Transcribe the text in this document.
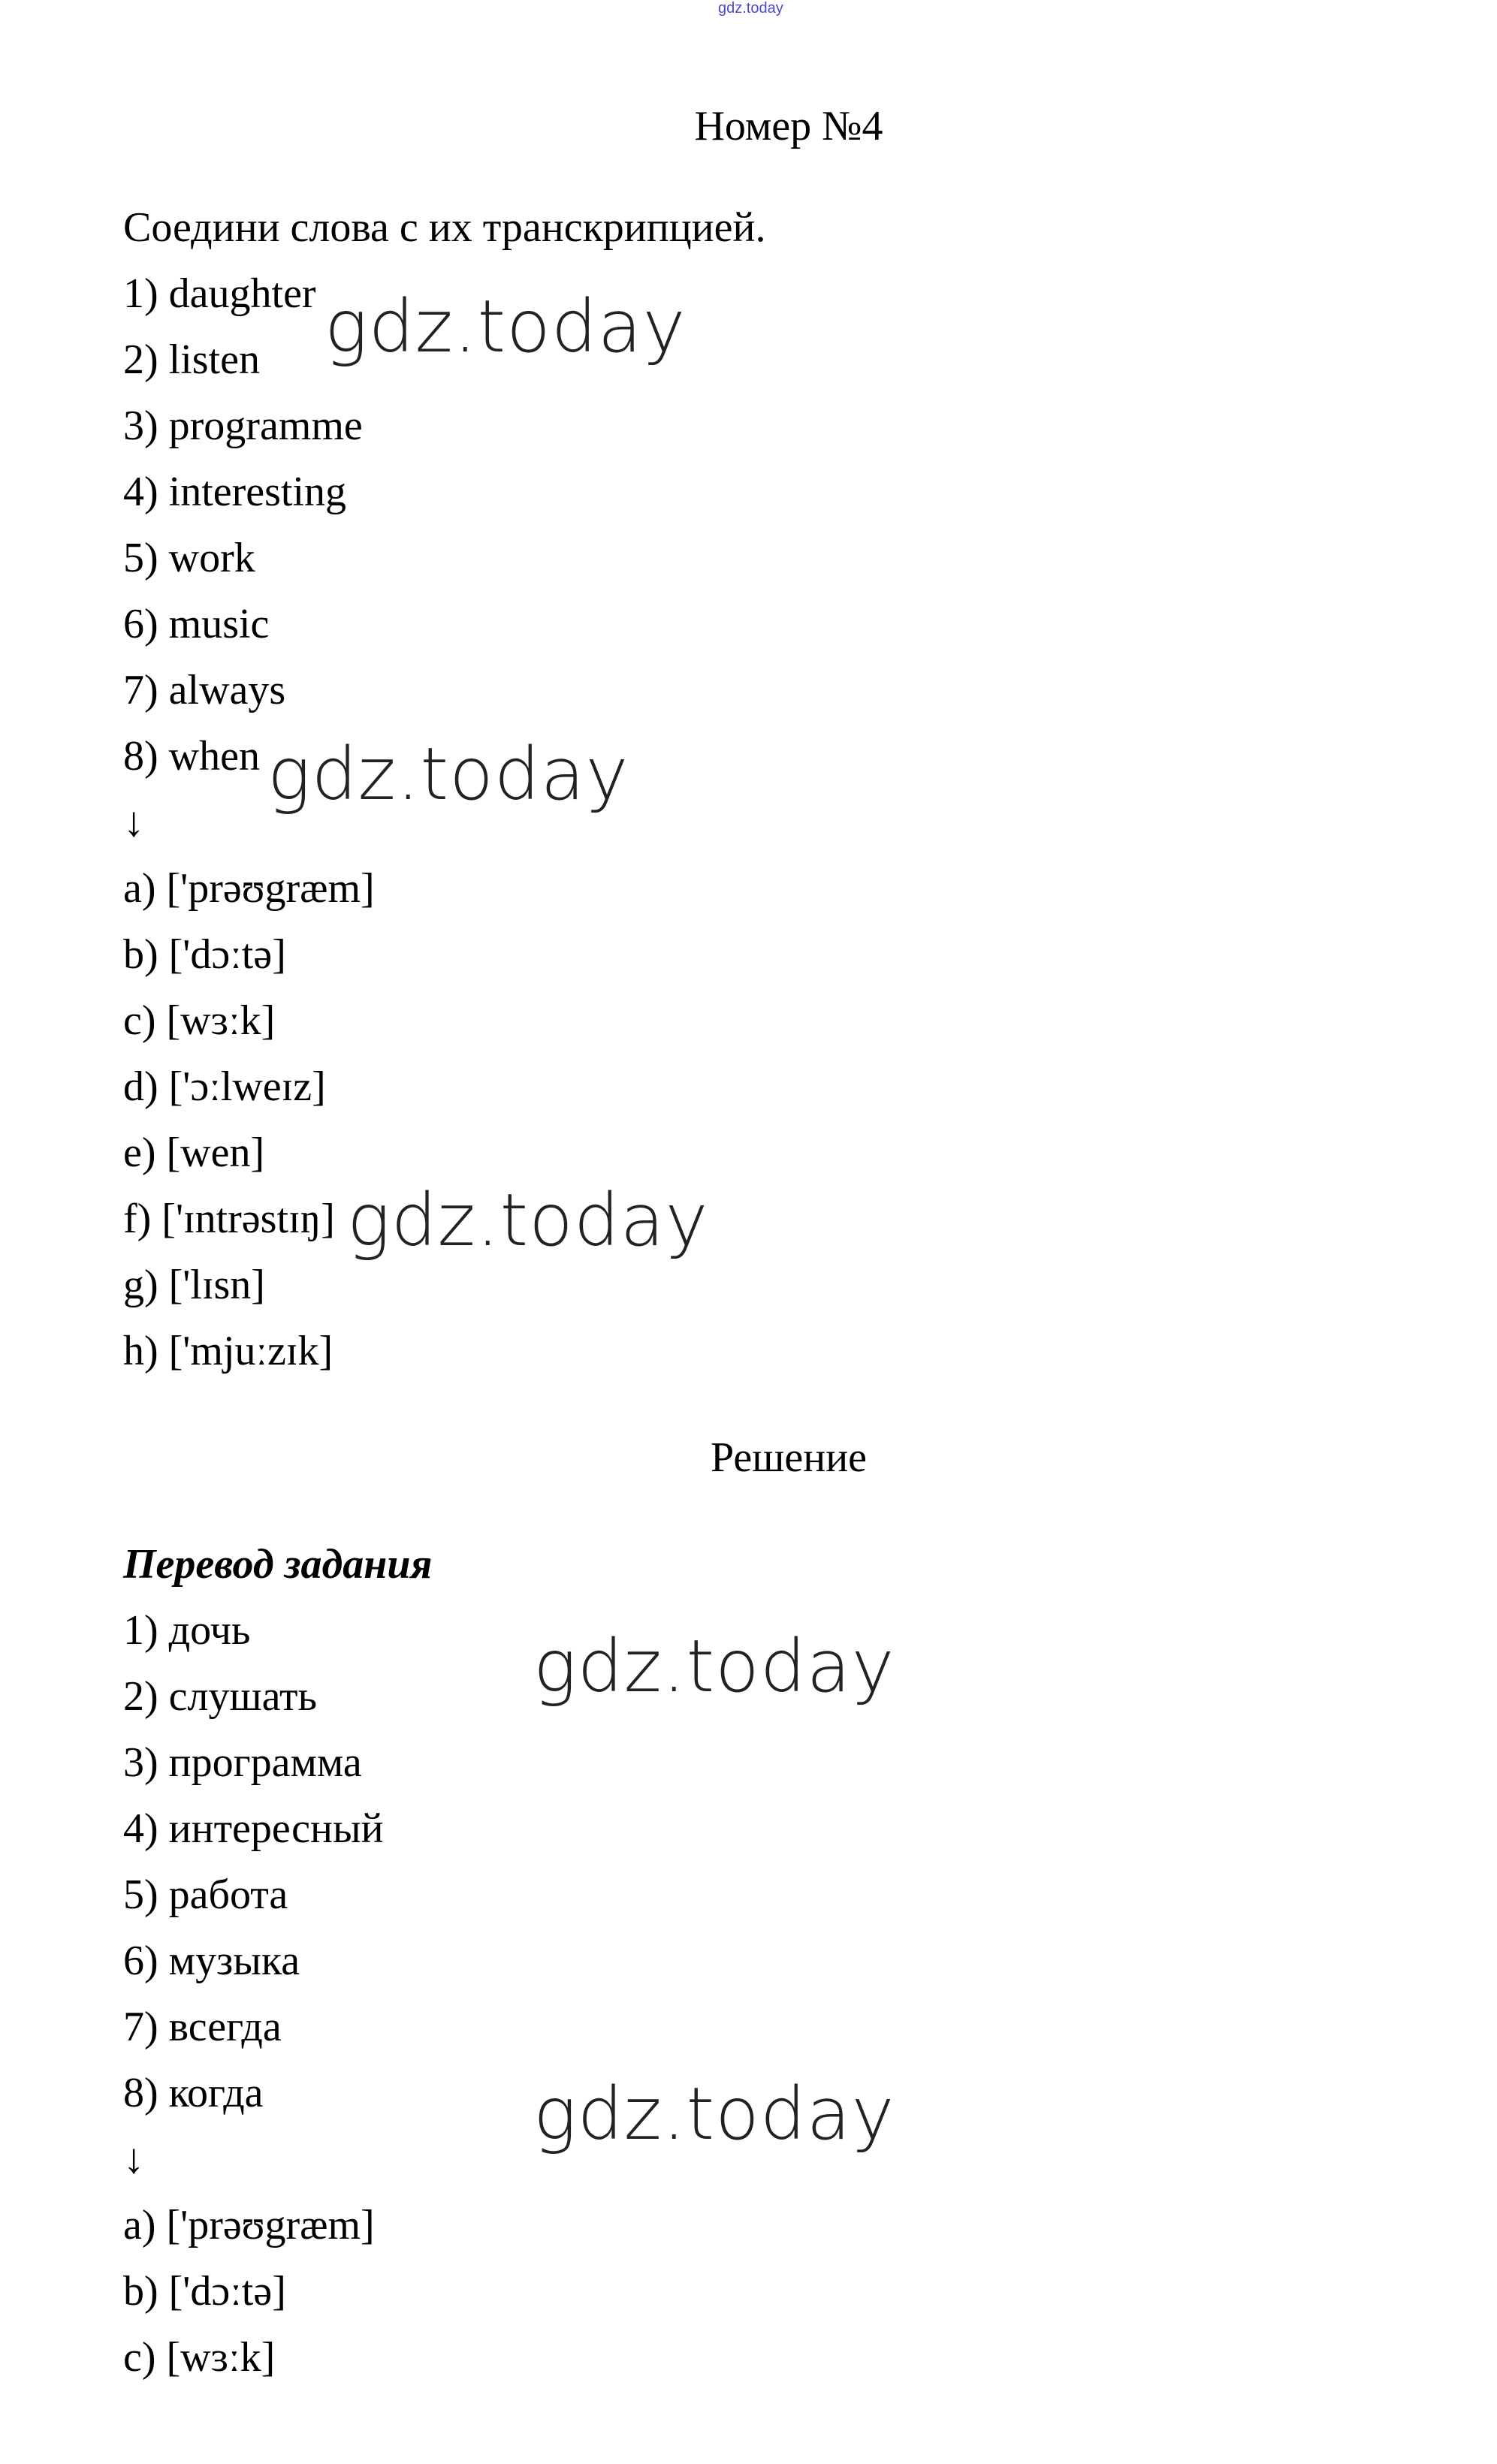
gdz.today
Номер №4
Соедини слова с их транскрипцией.
1) daughter
2) listen
3) programme
4) interesting
5) work
6) music
7) always
8) when
↓
a) ['prəʊgræm]
b) ['dɔːtə]
c) [wɜːk]
d) ['ɔːlweɪz]
e) [wen]
f) ['ɪntrəstɪŋ]
g) ['lɪsn]
h) ['mjuːzɪk]
Решение
Перевод задания
1) дочь
2) слушать
3) программа
4) интересный
5) работа
6) музыка
7) всегда
8) когда
↓
a) ['prəʊgræm]
b) ['dɔːtə]
c) [wɜːk]
gdz.today
gdz.today
gdz.today
gdz.today
gdz.today
